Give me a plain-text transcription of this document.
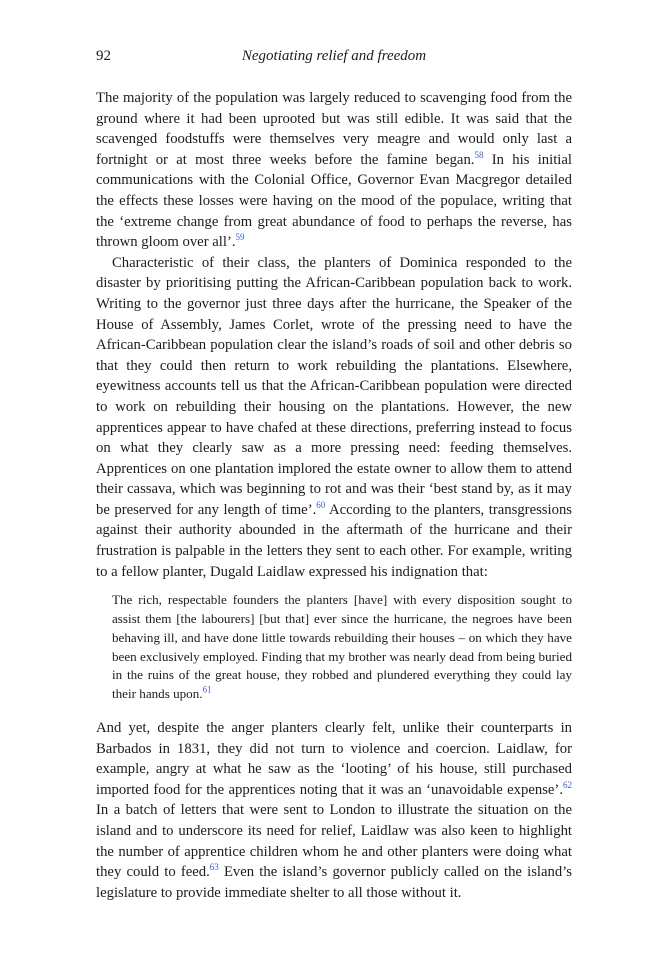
92	Negotiating relief and freedom

The majority of the population was largely reduced to scavenging food from the ground where it had been uprooted but was still edible. It was said that the scavenged foodstuffs were themselves very meagre and would only last a fortnight or at most three weeks before the famine began.$^{58}$ In his initial communications with the Colonial Office, Governor Evan Macgregor detailed the effects these losses were having on the mood of the populace, writing that the ‘extreme change from great abundance of food to perhaps the reverse, has thrown gloom over all’.$^{59}$

Characteristic of their class, the planters of Dominica responded to the disaster by prioritising putting the African-Caribbean population back to work. Writing to the governor just three days after the hurricane, the Speaker of the House of Assembly, James Corlet, wrote of the pressing need to have the African-Caribbean population clear the island’s roads of soil and other debris so that they could then return to work rebuilding the plantations. Elsewhere, eyewitness accounts tell us that the African-Caribbean population were directed to work on rebuilding their housing on the plantations. However, the new apprentices appear to have chafed at these directions, preferring instead to focus on what they clearly saw as a more pressing need: feeding themselves. Apprentices on one plantation implored the estate owner to allow them to attend their cassava, which was beginning to rot and was their ‘best stand by, as it may be preserved for any length of time’.$^{60}$ According to the planters, transgressions against their authority abounded in the aftermath of the hurricane and their frustration is palpable in the letters they sent to each other. For example, writing to a fellow planter, Dugald Laidlaw expressed his indignation that:

The rich, respectable founders the planters [have] with every disposition sought to assist them [the labourers] [but that] ever since the hurricane, the negroes have been behaving ill, and have done little towards rebuilding their houses – on which they have been exclusively employed. Finding that my brother was nearly dead from being buried in the ruins of the great house, they robbed and plundered everything they could lay their hands upon.$^{61}$

And yet, despite the anger planters clearly felt, unlike their counterparts in Barbados in 1831, they did not turn to violence and coercion. Laidlaw, for example, angry at what he saw as the ‘looting’ of his house, still purchased imported food for the apprentices noting that it was an ‘unavoidable expense’.$^{62}$ In a batch of letters that were sent to London to illustrate the situation on the island and to underscore its need for relief, Laidlaw was also keen to highlight the number of apprentice children whom he and other planters were doing what they could to feed.$^{63}$ Even the island’s governor publicly called on the island’s legislature to provide immediate shelter to all those without it.
